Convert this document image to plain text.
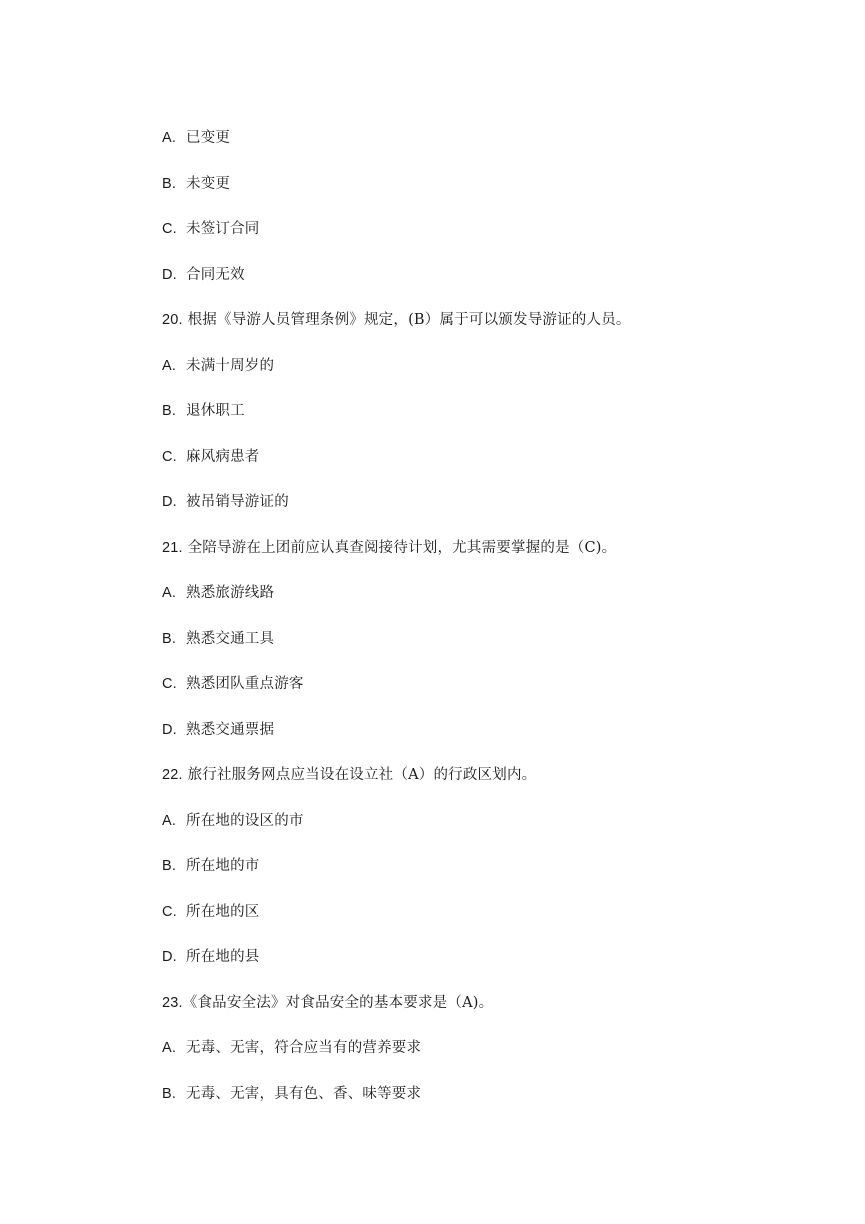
A. 已变更
B. 未变更
C. 未签订合同
D. 合同无效
20. 根据《导游人员管理条例》规定，(B）属于可以颁发导游证的人员。
A. 未满十周岁的
B. 退休职工
C. 麻风病患者
D. 被吊销导游证的
21. 全陪导游在上团前应认真查阅接待计划，尤其需要掌握的是（C)。
A. 熟悉旅游线路
B. 熟悉交通工具
C. 熟悉团队重点游客
D. 熟悉交通票据
22. 旅行社服务网点应当设在设立社（A）的行政区划内。
A. 所在地的设区的市
B. 所在地的市
C. 所在地的区
D. 所在地的县
23.《食品安全法》对食品安全的基本要求是（A)。
A. 无毒、无害，符合应当有的营养要求
B. 无毒、无害，具有色、香、味等要求
